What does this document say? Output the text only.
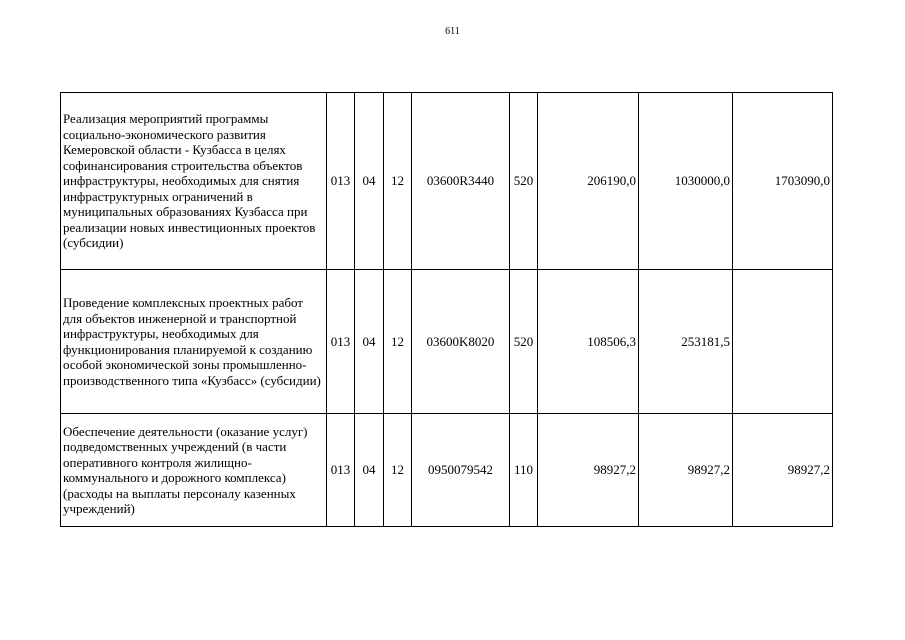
611
Реализация мероприятий программы социально-экономического развития Кемеровской области - Кузбасса в целях софинансирования строительства объектов инфраструктуры, необходимых для снятия инфраструктурных ограничений в муниципальных образованиях Кузбасса при реализации новых инвестиционных проектов (субсидии)	013	04	12	03600R3440	520	206190,0	1030000,0	1703090,0
Проведение комплексных проектных работ для объектов инженерной и транспортной инфраструктуры, необходимых для функционирования планируемой к созданию особой экономической зоны промышленно-производственного типа «Кузбасс» (субсидии)	013	04	12	03600K8020	520	108506,3	253181,5	
Обеспечение деятельности (оказание услуг) подведомственных учреждений (в части оперативного контроля жилищно-коммунального и дорожного комплекса) (расходы на выплаты персоналу казенных учреждений)	013	04	12	0950079542	110	98927,2	98927,2	98927,2
